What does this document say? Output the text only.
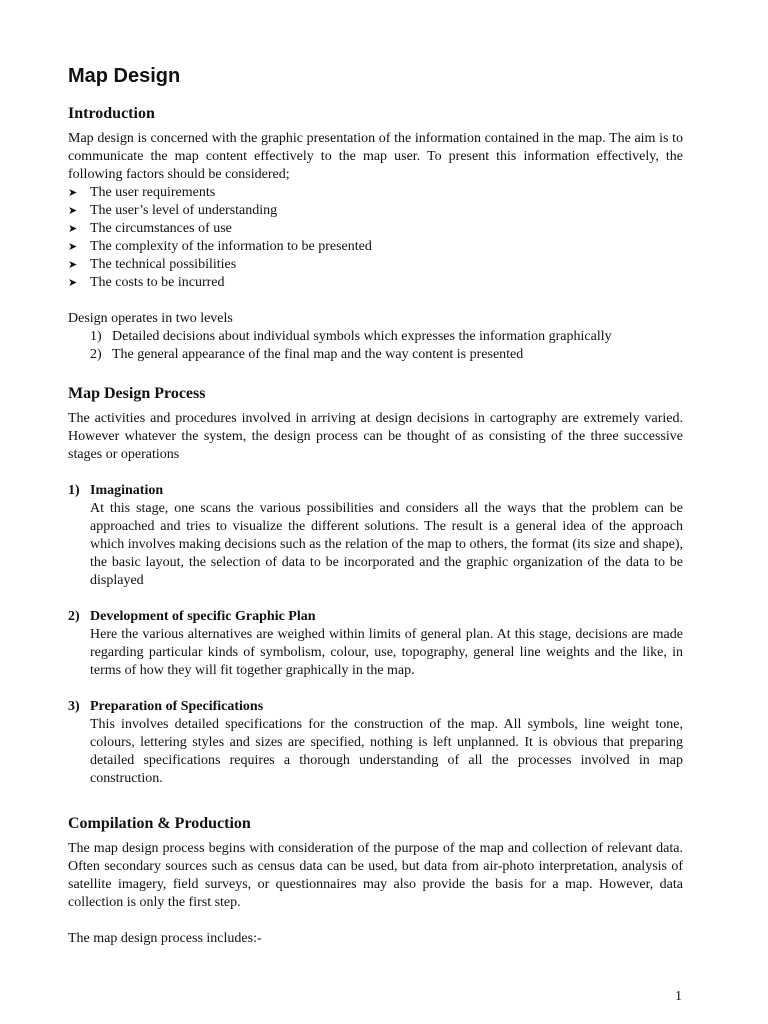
Map Design
Introduction

Map design is concerned with the graphic presentation of the information contained in the map. The aim is to communicate the map content effectively to the map user. To present this information effectively, the following factors should be considered;

➤ The user requirements
➤ The user’s level of understanding
➤ The circumstances of use
➤ The complexity of the information to be presented
➤ The technical possibilities
➤ The costs to be incurred

Design operates in two levels

1) Detailed decisions about individual symbols which expresses the information graphically
2) The general appearance of the final map and the way content is presented
Map Design Process

The activities and procedures involved in arriving at design decisions in cartography are extremely varied. However whatever the system, the design process can be thought of as consisting of the three successive stages or operations

1) Imagination

At this stage, one scans the various possibilities and considers all the ways that the problem can be approached and tries to visualize the different solutions. The result is a general idea of the approach which involves making decisions such as the relation of the map to others, the format (its size and shape), the basic layout, the selection of data to be incorporated and the graphic organization of the data to be displayed

2) Development of specific Graphic Plan

Here the various alternatives are weighed within limits of general plan. At this stage, decisions are made regarding particular kinds of symbolism, colour, use, topography, general line weights and the like, in terms of how they will fit together graphically in the map.

3) Preparation of Specifications

This involves detailed specifications for the construction of the map. All symbols, line weight tone, colours, lettering styles and sizes are specified, nothing is left unplanned. It is obvious that preparing detailed specifications requires a thorough understanding of all the processes involved in map construction.

Compilation & Production

The map design process begins with consideration of the purpose of the map and collection of relevant data. Often secondary sources such as census data can be used, but data from air-photo interpretation, analysis of satellite imagery, field surveys, or questionnaires may also provide the basis for a map. However, data collection is only the first step.

The map design process includes:-

1
